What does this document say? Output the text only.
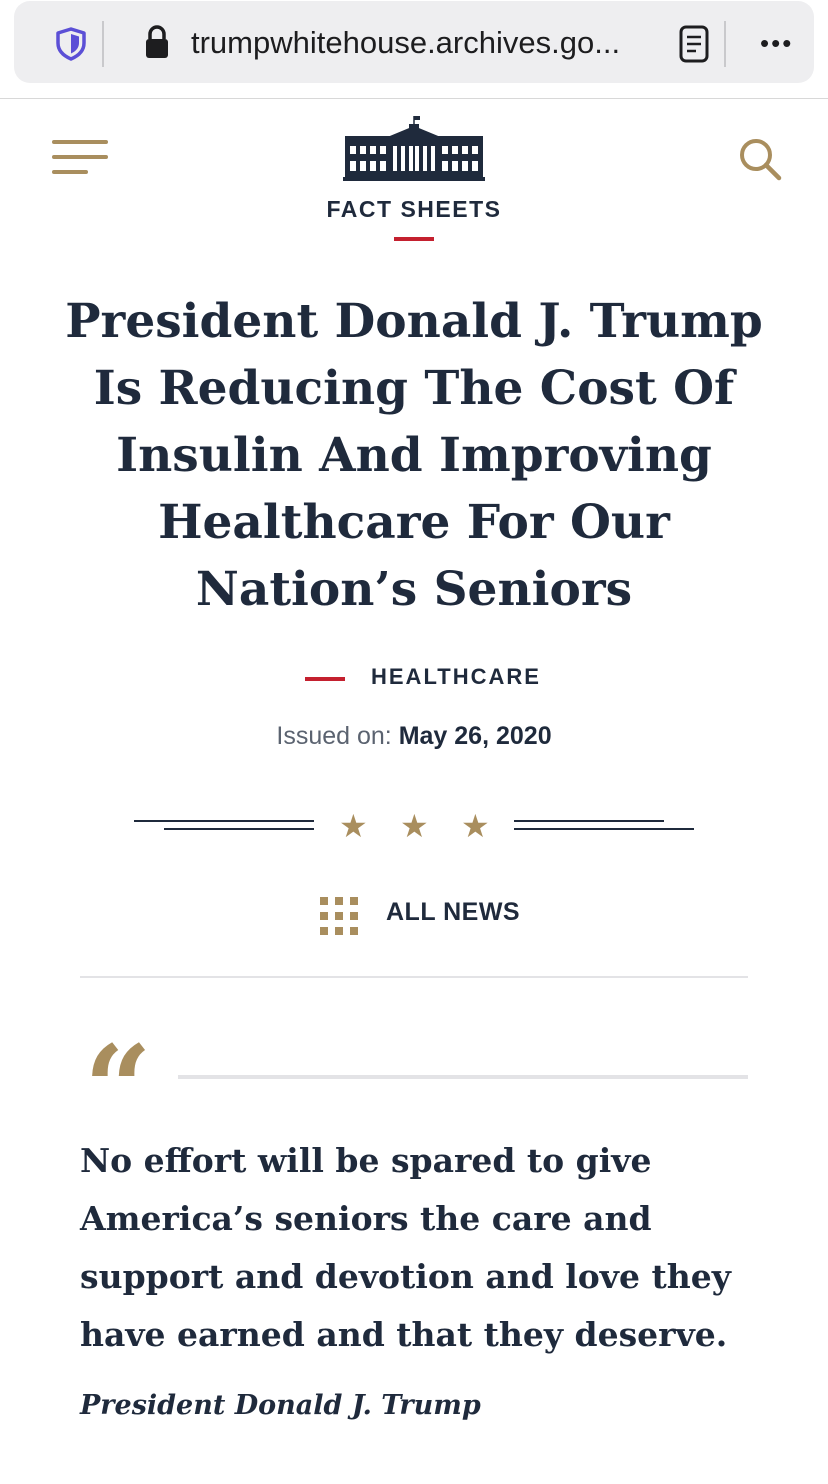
trumpwhitehouse.archives.go...	•••
FACT SHEETS
President Donald J. Trump Is Reducing The Cost Of Insulin And Improving Healthcare For Our Nation’s Seniors
HEALTHCARE
Issued on: May 26, 2020
★ ★ ★
ALL NEWS
“

No effort will be spared to give America’s seniors the care and support and devotion and love they have earned and that they deserve.

President Donald J. Trump
